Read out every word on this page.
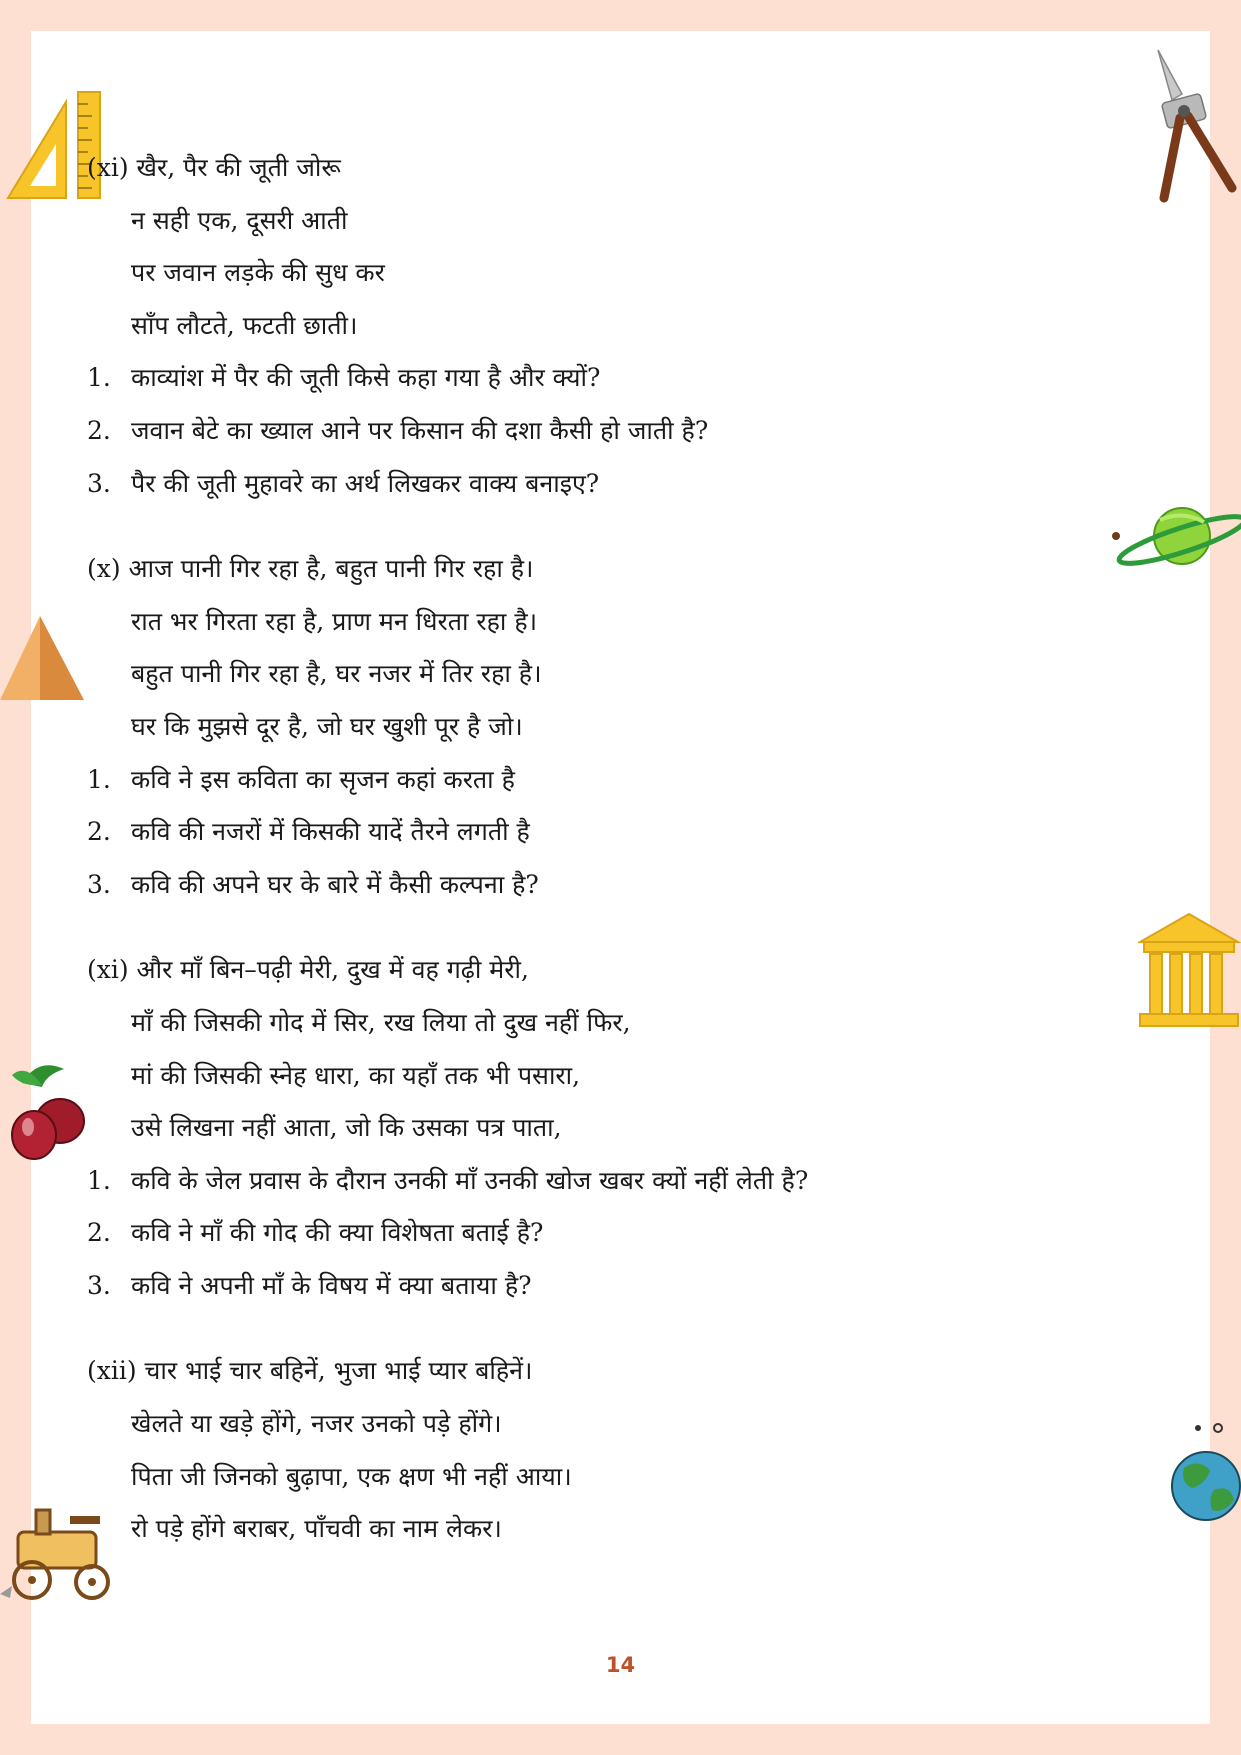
(xi) खैर, पैर की जूती जोरू
न सही एक, दूसरी आती
पर जवान लड़के की सुध कर
साँप लौटते, फटती छाती।
1. काव्यांश में पैर की जूती किसे कहा गया है और क्यों?
2. जवान बेटे का ख्याल आने पर किसान की दशा कैसी हो जाती है?
3. पैर की जूती मुहावरे का अर्थ लिखकर वाक्य बनाइए?
(x) आज पानी गिर रहा है, बहुत पानी गिर रहा है।
रात भर गिरता रहा है, प्राण मन धिरता रहा है।
बहुत पानी गिर रहा है, घर नजर में तिर रहा है।
घर कि मुझसे दूर है, जो घर खुशी पूर है जो।
1. कवि ने इस कविता का सृजन कहां करता है
2. कवि की नजरों में किसकी यादें तैरने लगती है
3. कवि की अपने घर के बारे में कैसी कल्पना है?
(xi) और माँ बिन–पढ़ी मेरी, दुख में वह गढ़ी मेरी,
माँ की जिसकी गोद में सिर, रख लिया तो दुख नहीं फिर,
मां की जिसकी स्नेह धारा, का यहाँ तक भी पसारा,
उसे लिखना नहीं आता, जो कि उसका पत्र पाता,
1. कवि के जेल प्रवास के दौरान उनकी माँ उनकी खोज खबर क्यों नहीं लेती है?
2. कवि ने माँ की गोद की क्या विशेषता बताई है?
3. कवि ने अपनी माँ के विषय में क्या बताया है?
(xii) चार भाई चार बहिनें, भुजा भाई प्यार बहिनें।
खेलते या खड़े होंगे, नजर उनको पड़े होंगे।
पिता जी जिनको बुढ़ापा, एक क्षण भी नहीं आया।
रो पड़े होंगे बराबर, पाँचवी का नाम लेकर।
14
